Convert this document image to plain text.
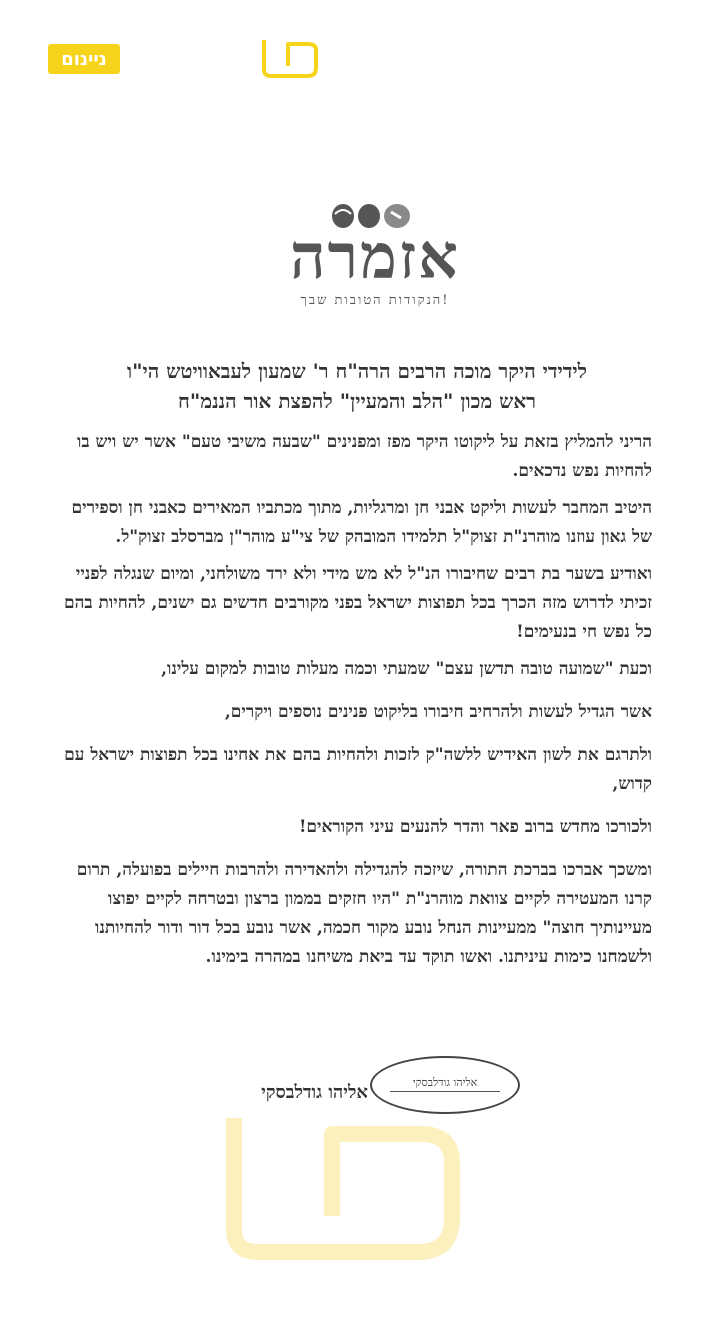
ניינום
אזמרה
הנקודות הטובות שבך!
לידידי היקר מוכה הרבים הרה"ח ר' שמעון לעבאוויטש הי"ו
ראש מכון "הלב והמעיין" להפצת אור הננמ"ח

הריני להמליץ בזאת על ליקוטו היקר מפז ומפנינים "שבעה משיבי טעם" אשר יש ויש בו להחיות נפש נדכאים.

היטיב המחבר לעשות וליקט אבני חן ומרגליות, מתוך מכתביו המאירים כאבני חן וספירים של גאון עוזנו מוהרנ"ת זצוק"ל תלמידו המובהק של צי"ע מוהר"ן מברסלב זצוק"ל.

ואודיע בשער בת רבים שחיבורו הנ"ל לא מש מידי ולא ירד משולחני, ומיום שנגלה לפניי זכיתי לדרוש מזה הכרך בכל תפוצות ישראל בפני מקורבים חדשים גם ישנים, להחיות בהם כל נפש חי בנעימים!

וכעת "שמועה טובה תדשן עצם" שמעתי וכמה מעלות טובות למקום עלינו,

אשר הגדיל לעשות ולהרחיב חיבורו בליקוט פנינים נוספים ויקרים,

ולתרגם את לשון האידיש ללשה"ק לזכות ולהחיות בהם את אחינו בכל תפוצות ישראל עם קדוש,

ולכורכו מחדש ברוב פאר והדר להנעים עיני הקוראים!

ומשכך אברכו בברכת התורה, שיזכה להגדילה ולהאדירה ולהרבות חיילים בפועלה, תרום קרנו המעטירה לקיים צוואת מוהרנ"ת "היו חזקים בממון ברצון ובטרחה לקיים יפוצו מעיינותיך חוצה" ממעיינות הנחל נובע מקור חכמה, אשר נובע בכל דור ודור להחיותנו ולשמחנו כימות עיניתנו. ואשו תוקד עד ביאת משיחנו במהרה בימינו.

אליהו גודלבסקי
אליהו גודלבסקי
